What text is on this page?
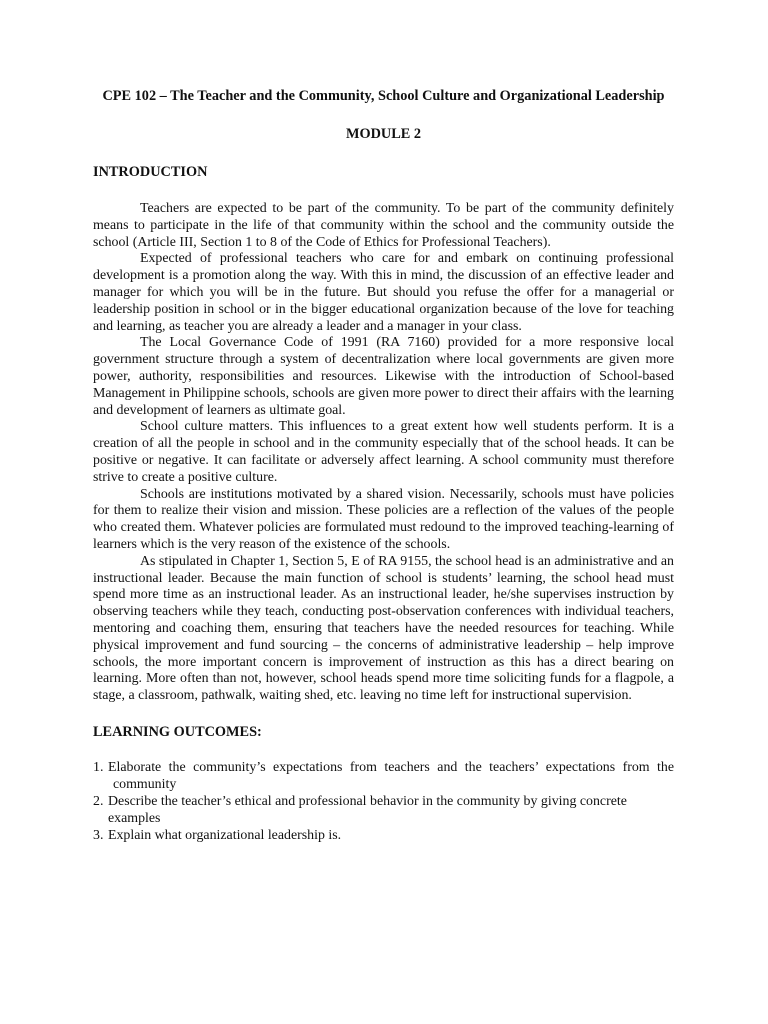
CPE 102 – The Teacher and the Community, School Culture and Organizational Leadership
MODULE 2
INTRODUCTION

Teachers are expected to be part of the community. To be part of the community definitely means to participate in the life of that community within the school and the community outside the school (Article III, Section 1 to 8 of the Code of Ethics for Professional Teachers).

Expected of professional teachers who care for and embark on continuing professional development is a promotion along the way. With this in mind, the discussion of an effective leader and manager for which you will be in the future. But should you refuse the offer for a managerial or leadership position in school or in the bigger educational organization because of the love for teaching and learning, as teacher you are already a leader and a manager in your class.

The Local Governance Code of 1991 (RA 7160) provided for a more responsive local government structure through a system of decentralization where local governments are given more power, authority, responsibilities and resources. Likewise with the introduction of School-based Management in Philippine schools, schools are given more power to direct their affairs with the learning and development of learners as ultimate goal.

School culture matters. This influences to a great extent how well students perform. It is a creation of all the people in school and in the community especially that of the school heads. It can be positive or negative. It can facilitate or adversely affect learning. A school community must therefore strive to create a positive culture.

Schools are institutions motivated by a shared vision. Necessarily, schools must have policies for them to realize their vision and mission. These policies are a reflection of the values of the people who created them. Whatever policies are formulated must redound to the improved teaching-learning of learners which is the very reason of the existence of the schools.

As stipulated in Chapter 1, Section 5, E of RA 9155, the school head is an administrative and an instructional leader. Because the main function of school is students’ learning, the school head must spend more time as an instructional leader. As an instructional leader, he/she supervises instruction by observing teachers while they teach, conducting post-observation conferences with individual teachers, mentoring and coaching them, ensuring that teachers have the needed resources for teaching. While physical improvement and fund sourcing – the concerns of administrative leadership – help improve schools, the more important concern is improvement of instruction as this has a direct bearing on learning. More often than not, however, school heads spend more time soliciting funds for a flagpole, a stage, a classroom, pathwalk, waiting shed, etc. leaving no time left for instructional supervision.

LEARNING OUTCOMES:
1. Elaborate the community’s expectations from teachers and the teachers’ expectations from the community
2. Describe the teacher’s ethical and professional behavior in the community by giving concrete examples
3. Explain what organizational leadership is.
